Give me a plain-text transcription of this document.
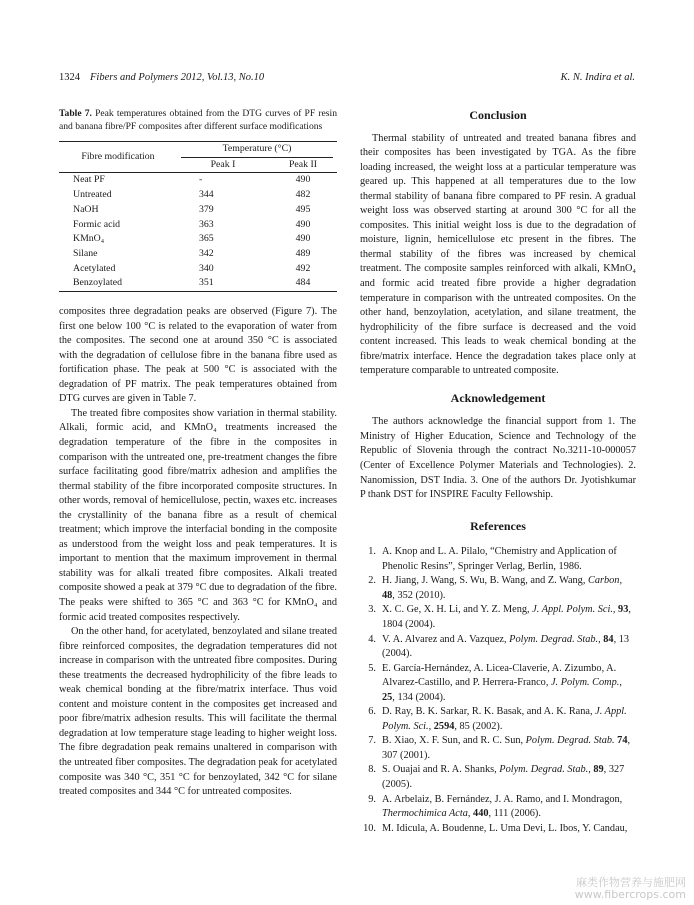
1324 Fibers and Polymers 2012, Vol.13, No.10	K. N. Indira et al.
Table 7. Peak temperatures obtained from the DTG curves of PF resin and banana fibre/PF composites after different surface modifications
Fibre modification	Temperature (°C)	

	Peak I	Peak II
Neat PF	-	490
Untreated	344	482
NaOH	379	495
Formic acid	363	490
KMnO₄	365	490
Silane	342	489
Acetylated	340	492
Benzoylated	351	484

composites three degradation peaks are observed (Figure 7). The first one below 100 °C is related to the evaporation of water from the composites. The second one at around 350 °C is associated with the degradation of cellulose fibre in the banana fibre used as fortification phase. The peak at 500 °C is associated with the degradation of PF matrix. The peak temperatures obtained from DTG curves are given in Table 7.

The treated fibre composites show variation in thermal stability. Alkali, formic acid, and KMnO₄ treatments increased the degradation temperature of the fibre in the composites in comparison with the untreated one, pre-treatment changes the fibre surface facilitating good fibre/matrix adhesion and amplifies the thermal stability of the fibre incorporated composite structures. In other words, removal of hemicellulose, pectin, waxes etc. increases the crystallinity of the banana fibre as a result of chemical treatment; which improve the interfacial bonding in the composite as understood from the weight loss and peak temperatures. It is important to mention that the maximum improvement in thermal stability was for alkali treated fibre composites. Alkali treated composite showed a peak at 379 °C due to degradation of the fibre. The peaks were shifted to 365 °C and 363 °C for KMnO₄ and formic acid treated composites respectively.

On the other hand, for acetylated, benzoylated and silane treated fibre reinforced composites, the degradation temperatures did not increase in comparison with the untreated fibre composites. During these treatments the decreased hydrophilicity of the fibre leads to weak chemical bonding at the fibre/matrix interface. Thus void content and moisture content in the composites get increased and poor fibre/matrix adhesion results. This will facilitate the thermal degradation at low temperature stage leading to higher weight loss. The fibre degradation peak remains unaltered in comparison with the untreated fiber composites. The degradation peak for acetylated composite was 340 °C, 351 °C for benzoylated, 342 °C for silane treated composites and 344 °C for untreated composites.

Conclusion

Thermal stability of untreated and treated banana fibres and their composites has been investigated by TGA. As the fibre loading increased, the weight loss at a particular temperature was geared up. This happened at all temperatures due to the low thermal stability of banana fibre compared to PF resin. A gradual weight loss was observed starting at around 300 °C for all the composites. This initial weight loss is due to the degradation of moisture, lignin, hemicellulose etc present in the fibres. The thermal stability of the fibres was increased by chemical treatment. The composite samples reinforced with alkali, KMnO₄ and formic acid treated fibre provide a higher degradation temperature in comparison with the untreated composites. On the other hand, benzoylation, acetylation, and silane treatment, the hydrophilicity of the fibre surface is decreased and the void content increased. This leads to weak chemical bonding at the fibre/matrix interface. Hence the degradation takes place only at temperature comparable to untreated composite.

Acknowledgement

The authors acknowledge the financial support from 1. The Ministry of Higher Education, Science and Technology of the Republic of Slovenia through the contract No.3211-10-000057 (Center of Excellence Polymer Materials and Technologies). 2. Nanomission, DST India. 3. One of the authors Dr. Jyotishkumar P thank DST for INSPIRE Faculty Fellowship.

References
1. A. Knop and L. A. Pilalo, “Chemistry and Application of Phenolic Resins”, Springer Verlag, Berlin, 1986.
2. H. Jiang, J. Wang, S. Wu, B. Wang, and Z. Wang, Carbon, 48, 352 (2010).
3. X. C. Ge, X. H. Li, and Y. Z. Meng, J. Appl. Polym. Sci., 93, 1804 (2004).
4. V. A. Alvarez and A. Vazquez, Polym. Degrad. Stab., 84, 13 (2004).
5. E. García-Hernández, A. Licea-Claverie, A. Zizumbo, A. Alvarez-Castillo, and P. Herrera-Franco, J. Polym. Comp., 25, 134 (2004).
6. D. Ray, B. K. Sarkar, R. K. Basak, and A. K. Rana, J. Appl. Polym. Sci., 2594, 85 (2002).
7. B. Xiao, X. F. Sun, and R. C. Sun, Polym. Degrad. Stab. 74, 307 (2001).
8. S. Ouajai and R. A. Shanks, Polym. Degrad. Stab., 89, 327 (2005).
9. A. Arbelaiz, B. Fernández, J. A. Ramo, and I. Mondragon, Thermochimica Acta, 440, 111 (2006).
10. M. Idicula, A. Boudenne, L. Uma Devi, L. Ibos, Y. Candau,
麻类作物营养与施肥网
www.fibercrops.com
